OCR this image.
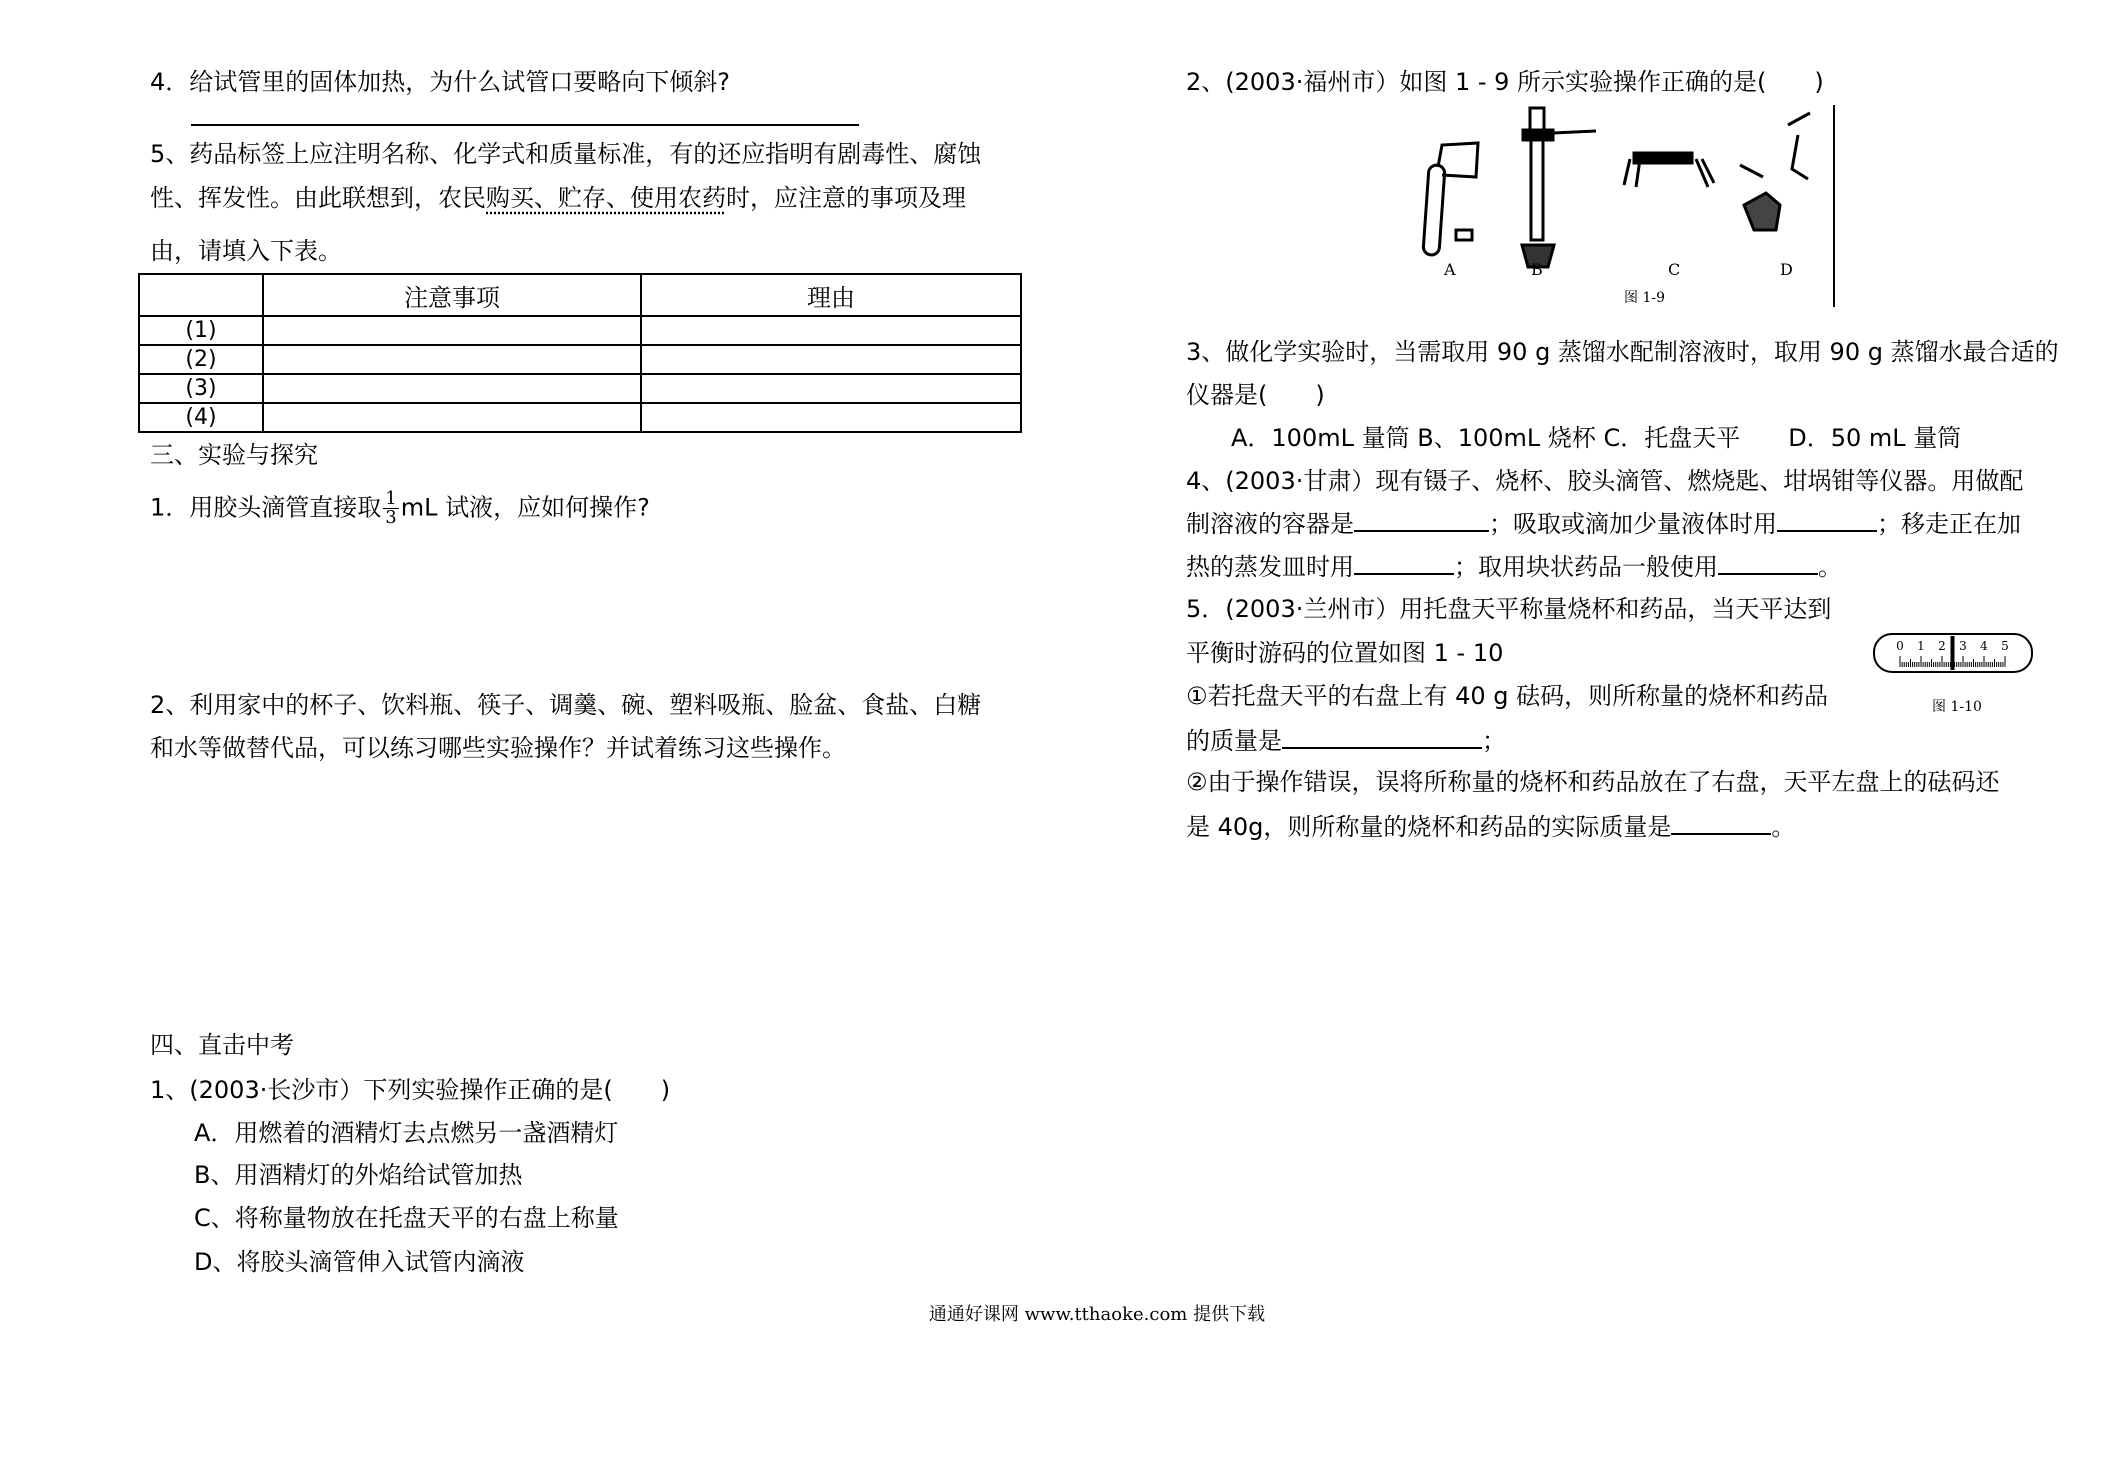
4．给试管里的固体加热，为什么试管口要略向下倾斜?
5、药品标签上应注明名称、化学式和质量标准，有的还应指明有剧毒性、腐蚀
性、挥发性。由此联想到，农民购买、贮存、使用农药时，应注意的事项及理
由，请填入下表。
	注意事项	理由
(1)		
(2)		
(3)		
(4)		
三、实验与探究
1．用胶头滴管直接取 $\frac{1}{3}$ mL 试液，应如何操作?
2、利用家中的杯子、饮料瓶、筷子、调羹、碗、塑料吸瓶、脸盆、食盐、白糖
和水等做替代品，可以练习哪些实验操作？并试着练习这些操作。
四、直击中考
1、(2003·长沙市）下列实验操作正确的是(　　)
A．用燃着的酒精灯去点燃另一盏酒精灯
B、用酒精灯的外焰给试管加热
C、将称量物放在托盘天平的右盘上称量
D、将胶头滴管伸入试管内滴液
2、(2003·福州市）如图 1 - 9 所示实验操作正确的是(　　)
A	B	C	D
图 1-9
3、做化学实验时，当需取用 90 g 蒸馏水配制溶液时，取用 90 g 蒸馏水最合适的
仪器是(　　)
A．100mL 量筒 B、100mL 烧杯 C．托盘天平　　D．50 mL 量筒
4、(2003·甘肃）现有镊子、烧杯、胶头滴管、燃烧匙、坩埚钳等仪器。用做配
制溶液的容器是	；吸取或滴加少量液体时用	；移走正在加
热的蒸发皿时用	；取用块状药品一般使用	。
5．(2003·兰州市）用托盘天平称量烧杯和药品，当天平达到
平衡时游码的位置如图 1 - 10
①若托盘天平的右盘上有 40 g 砝码，则所称量的烧杯和药品
的质量是	；
②由于操作错误，误将所称量的烧杯和药品放在了右盘，天平左盘上的砝码还
是 40g，则所称量的烧杯和药品的实际质量是	。
0 1 2 3 4 5
图 1-10
通通好课网 www.tthaoke.com 提供下载
